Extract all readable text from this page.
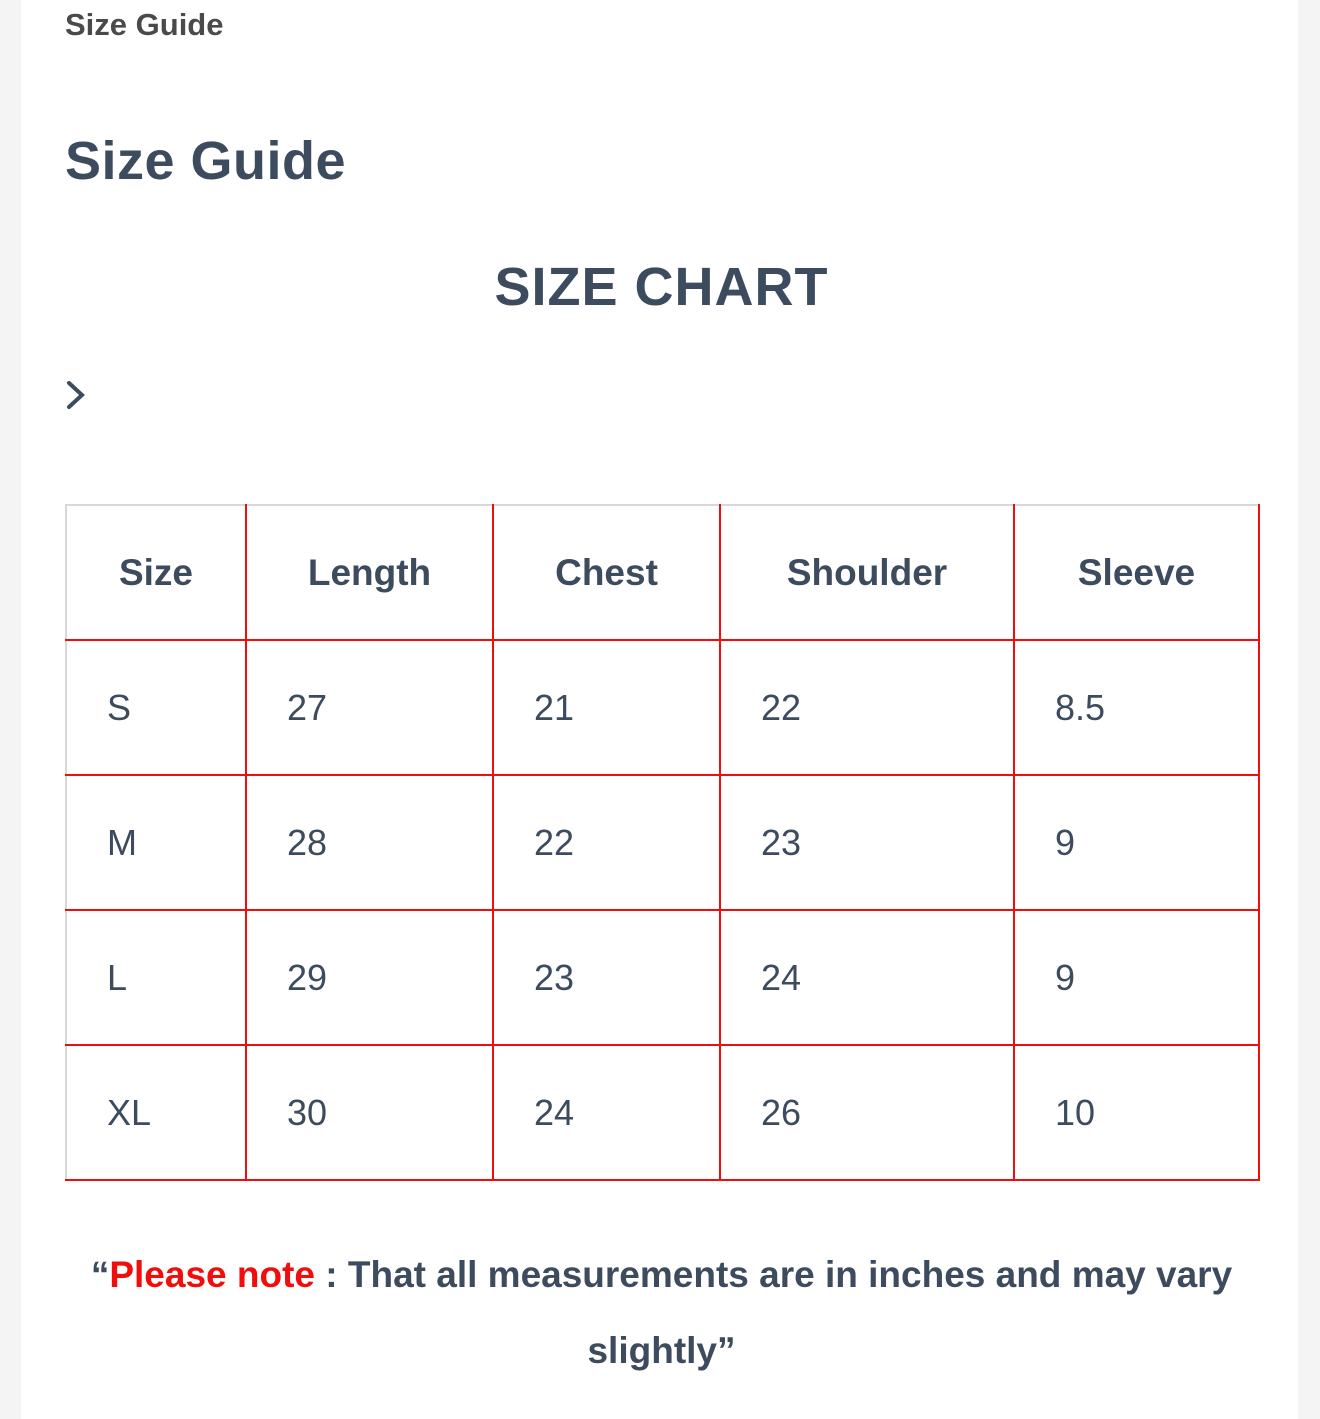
Size Guide
Size Guide
SIZE CHART
Size	Length	Chest	Shoulder	Sleeve
S	27	21	22	8.5
M	28	22	23	9
L	29	23	24	9
XL	30	24	26	10
“Please note : That all measurements are in inches and may vary slightly”
